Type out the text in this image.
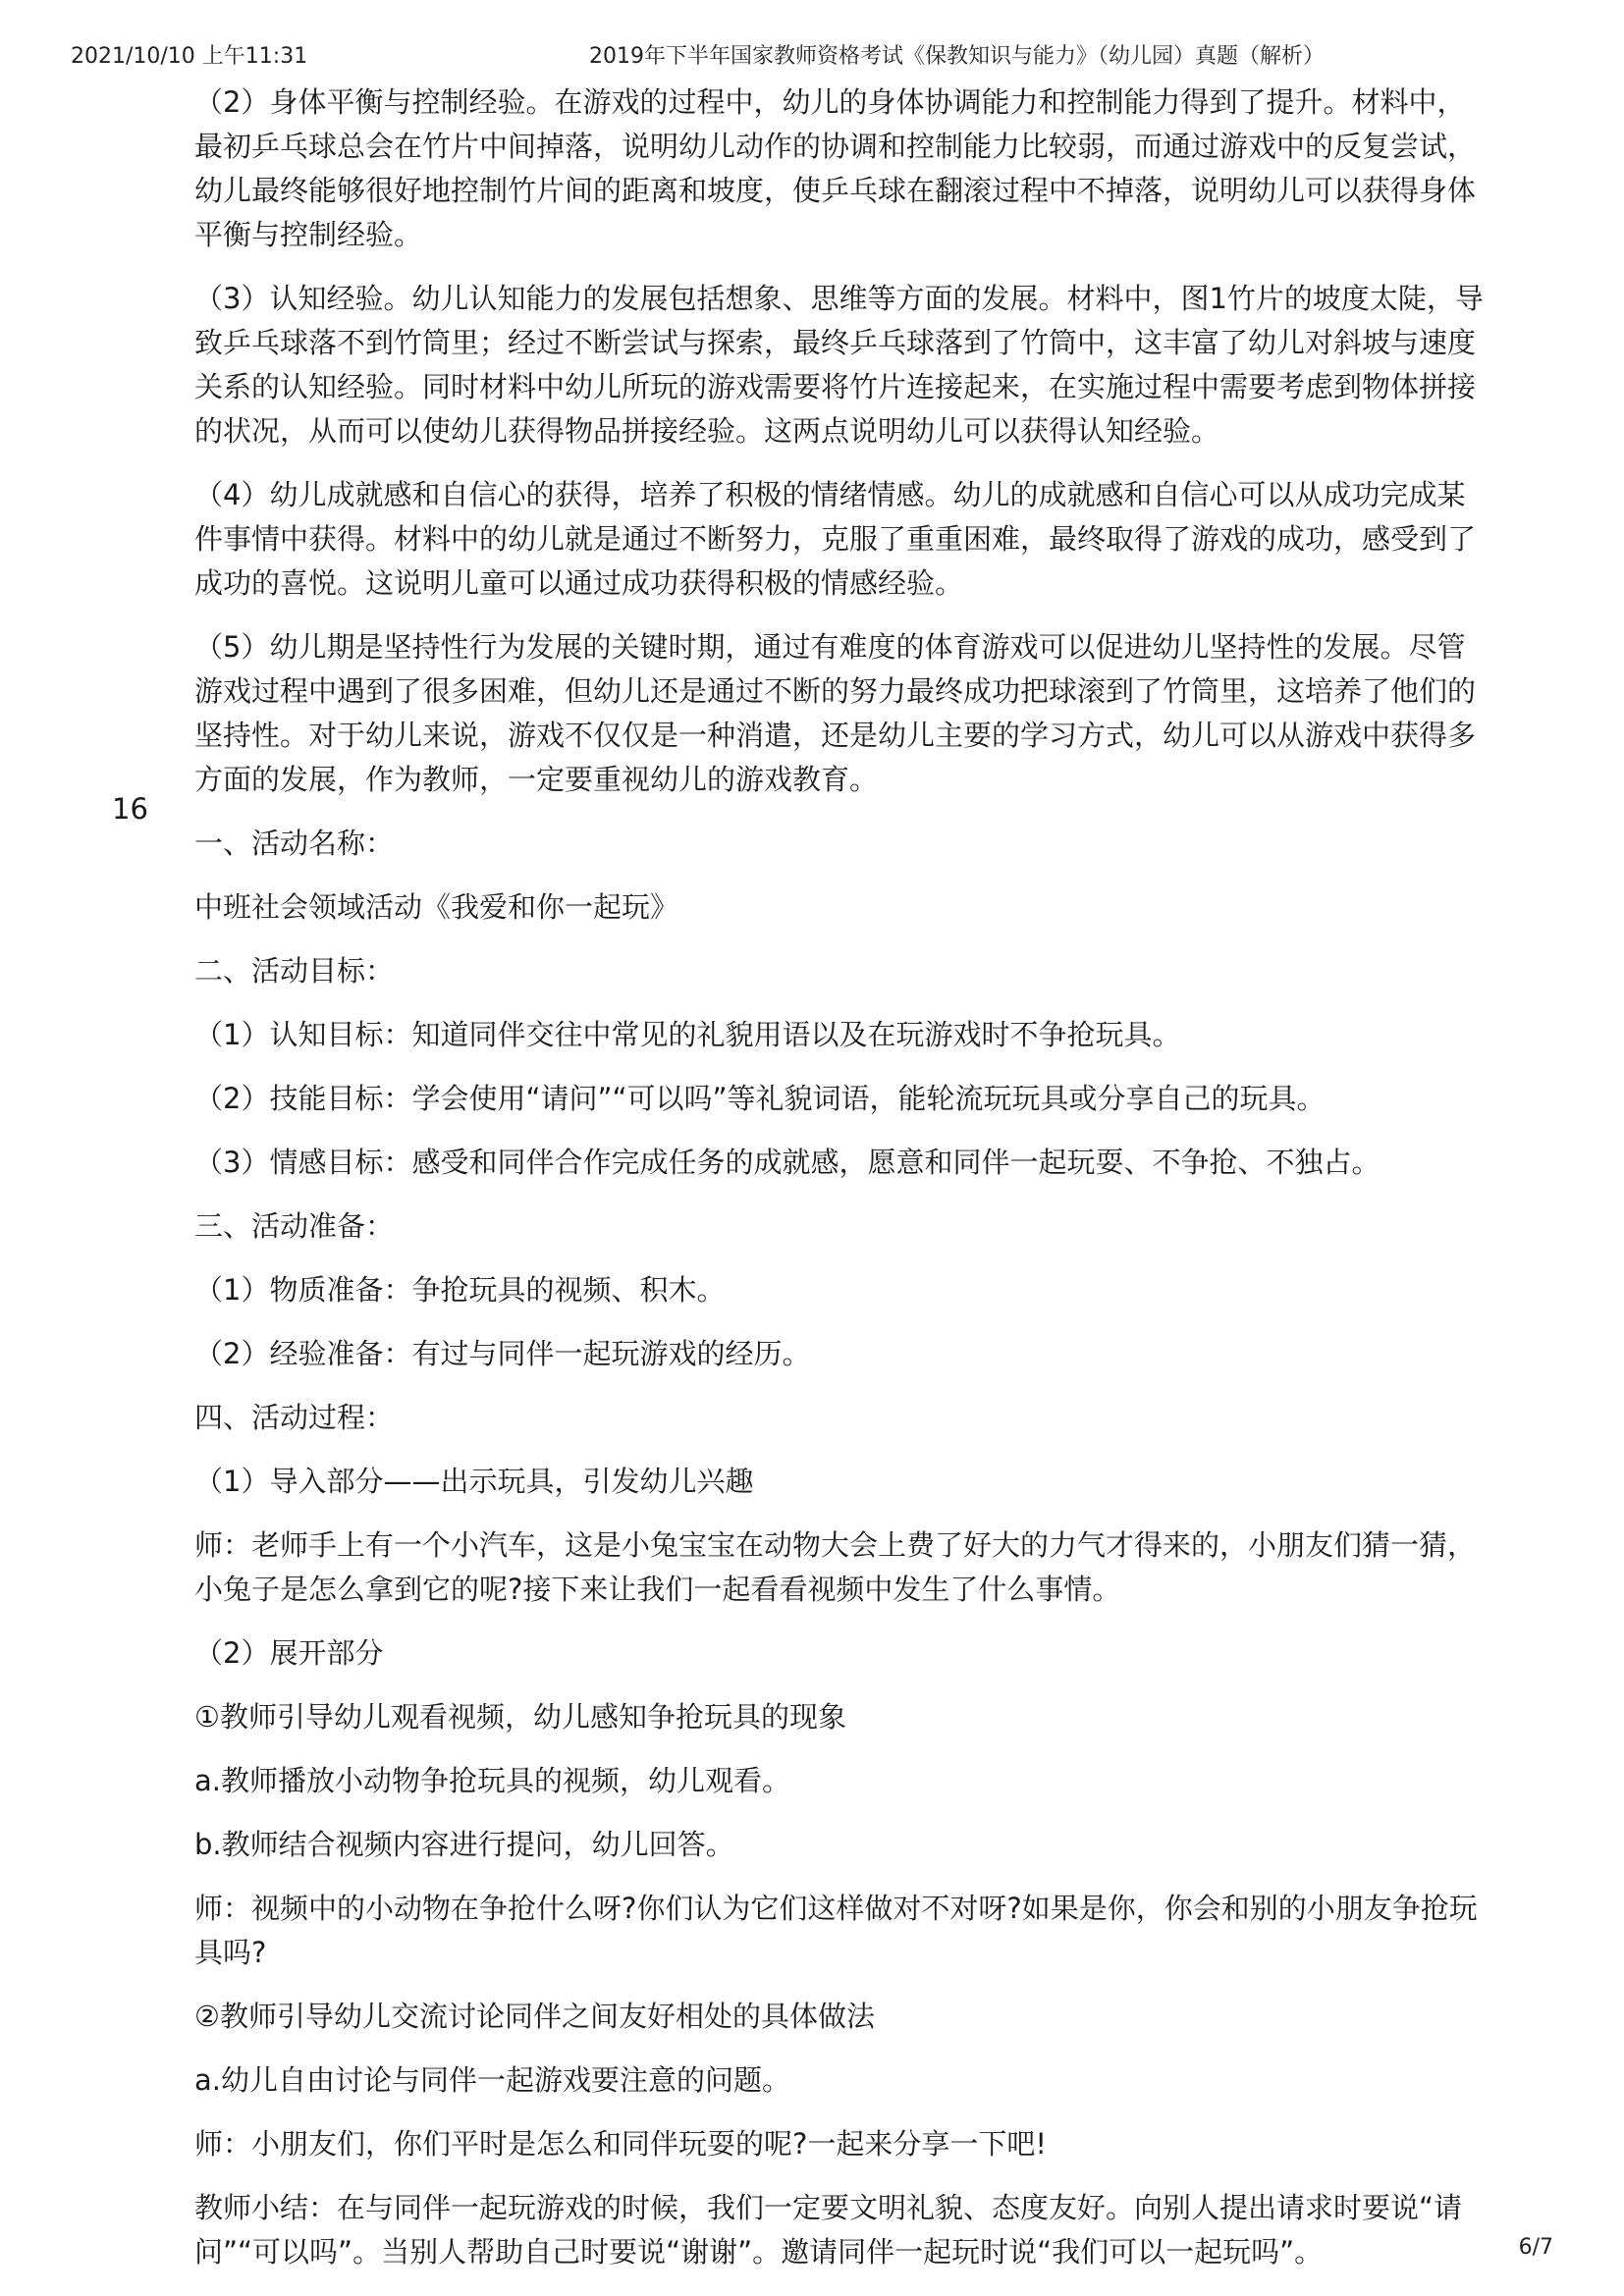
2021/10/10 上午11:31	2019年下半年国家教师资格考试《保教知识与能力》（幼儿园）真题（解析）
16

（2）身体平衡与控制经验。在游戏的过程中，幼儿的身体协调能力和控制能力得到了提升。材料中，最初乒乓球总会在竹片中间掉落，说明幼儿动作的协调和控制能力比较弱，而通过游戏中的反复尝试，幼儿最终能够很好地控制竹片间的距离和坡度，使乒乓球在翻滚过程中不掉落，说明幼儿可以获得身体平衡与控制经验。

（3）认知经验。幼儿认知能力的发展包括想象、思维等方面的发展。材料中，图1竹片的坡度太陡，导致乒乓球落不到竹筒里；经过不断尝试与探索，最终乒乓球落到了竹筒中，这丰富了幼儿对斜坡与速度关系的认知经验。同时材料中幼儿所玩的游戏需要将竹片连接起来，在实施过程中需要考虑到物体拼接的状况，从而可以使幼儿获得物品拼接经验。这两点说明幼儿可以获得认知经验。

（4）幼儿成就感和自信心的获得，培养了积极的情绪情感。幼儿的成就感和自信心可以从成功完成某件事情中获得。材料中的幼儿就是通过不断努力，克服了重重困难，最终取得了游戏的成功，感受到了成功的喜悦。这说明儿童可以通过成功获得积极的情感经验。

（5）幼儿期是坚持性行为发展的关键时期，通过有难度的体育游戏可以促进幼儿坚持性的发展。尽管游戏过程中遇到了很多困难，但幼儿还是通过不断的努力最终成功把球滚到了竹筒里，这培养了他们的坚持性。对于幼儿来说，游戏不仅仅是一种消遣，还是幼儿主要的学习方式，幼儿可以从游戏中获得多方面的发展，作为教师，一定要重视幼儿的游戏教育。

一、活动名称：

中班社会领域活动《我爱和你一起玩》

二、活动目标：

（1）认知目标：知道同伴交往中常见的礼貌用语以及在玩游戏时不争抢玩具。

（2）技能目标：学会使用“请问”“可以吗”等礼貌词语，能轮流玩玩具或分享自己的玩具。

（3）情感目标：感受和同伴合作完成任务的成就感，愿意和同伴一起玩耍、不争抢、不独占。

三、活动准备：

（1）物质准备：争抢玩具的视频、积木。

（2）经验准备：有过与同伴一起玩游戏的经历。

四、活动过程：

（1）导入部分——出示玩具，引发幼儿兴趣

师：老师手上有一个小汽车，这是小兔宝宝在动物大会上费了好大的力气才得来的，小朋友们猜一猜，小兔子是怎么拿到它的呢?接下来让我们一起看看视频中发生了什么事情。

（2）展开部分

①教师引导幼儿观看视频，幼儿感知争抢玩具的现象

a.教师播放小动物争抢玩具的视频，幼儿观看。

b.教师结合视频内容进行提问，幼儿回答。

师：视频中的小动物在争抢什么呀?你们认为它们这样做对不对呀?如果是你，你会和别的小朋友争抢玩具吗?

②教师引导幼儿交流讨论同伴之间友好相处的具体做法

a.幼儿自由讨论与同伴一起游戏要注意的问题。

师：小朋友们，你们平时是怎么和同伴玩耍的呢?一起来分享一下吧!

教师小结：在与同伴一起玩游戏的时候，我们一定要文明礼貌、态度友好。向别人提出请求时要说“请问”“可以吗”。当别人帮助自己时要说“谢谢”。邀请同伴一起玩时说“我们可以一起玩吗”。	6/7
